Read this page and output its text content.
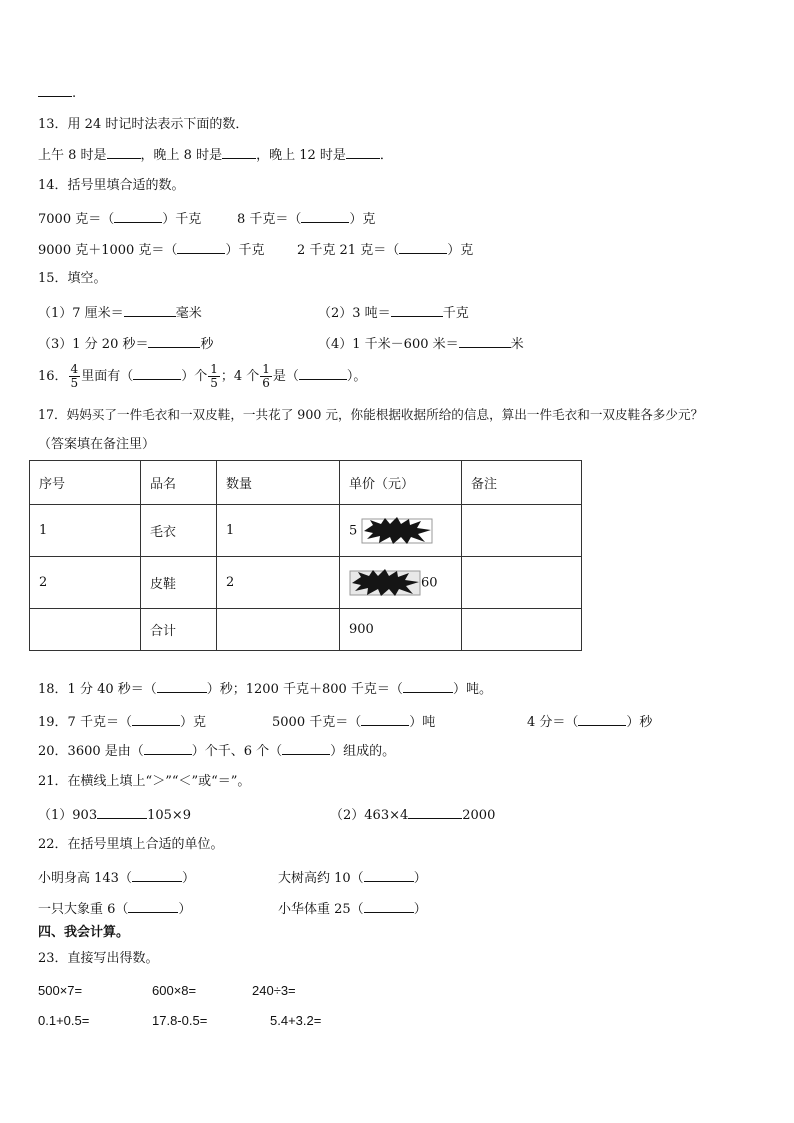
.
13．用 24 时记时法表示下面的数．
上午 8 时是	，晚上 8 时是	，晚上 12 时是	．
14．括号里填合适的数。
7000 克＝（	）千克	8 千克＝（	）克
9000 克＋1000 克＝（	）千克	2 千克 21 克＝（	）克
15．填空。
（1）7 厘米＝	毫米	（2）3 吨＝	千克
（3）1 分 20 秒＝	秒	（4）1 千米－600 米＝	米
16． $\frac{4}{5}$ 里面有（	）个 $\frac{1}{5}$ ；4 个 $\frac{1}{6}$ 是（	）。
17．妈妈买了一件毛衣和一双皮鞋，一共花了 900 元，你能根据收据所给的信息，算出一件毛衣和一双皮鞋各多少元？
（答案填在备注里）
序号	品名	数量	单价（元）	备注
1	毛衣	1	5	
2	皮鞋	2	60	
	合计		900	
18．1 分 40 秒＝（	）秒；1200 千克＋800 千克＝（	）吨。
19．7 千克＝（	）克	5000 千克＝（	）吨	4 分＝（	）秒
20．3600 是由（	）个千、6 个（	）组成的。
21．在横线上填上“＞”“＜”或“＝”。
（1）903	105×9	（2）463×4	2000
22．在括号里填上合适的单位。
小明身高 143（	）	大树高约 10（	）
一只大象重 6（	）	小华体重 25（	）
四、我会计算。
23．直接写出得数。
500×7=	600×8=	240÷3=
0.1+0.5=	17.8-0.5=	5.4+3.2=
